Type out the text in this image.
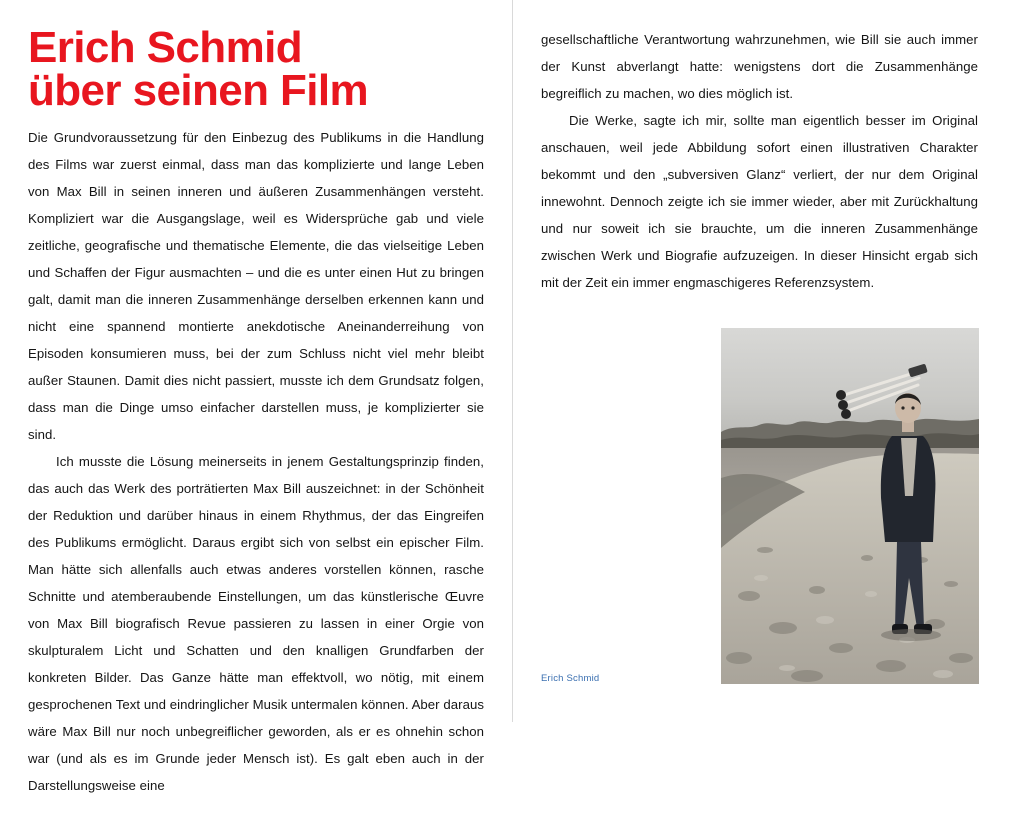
Erich Schmid
über seinen Film

Die Grundvoraussetzung für den Einbezug des Publikums in die Handlung des Films war zuerst einmal, dass man das komplizierte und lange Leben von Max Bill in seinen inneren und äußeren Zusammenhängen versteht. Kompliziert war die Ausgangslage, weil es Widersprüche gab und viele zeitliche, geografische und thematische Elemente, die das vielseitige Leben und Schaffen der Figur ausmachten – und die es unter einen Hut zu bringen galt, damit man die inneren Zusammenhänge derselben erkennen kann und nicht eine spannend montierte anekdotische Aneinanderreihung von Episoden konsumieren muss, bei der zum Schluss nicht viel mehr bleibt außer Staunen. Damit dies nicht passiert, musste ich dem Grundsatz folgen, dass man die Dinge umso einfacher darstellen muss, je komplizierter sie sind.

Ich musste die Lösung meinerseits in jenem Gestaltungsprinzip finden, das auch das Werk des porträtierten Max Bill auszeichnet: in der Schönheit der Reduktion und darüber hinaus in einem Rhythmus, der das Eingreifen des Publikums ermöglicht. Daraus ergibt sich von selbst ein epischer Film. Man hätte sich allenfalls auch etwas anderes vorstellen können, rasche Schnitte und atemberaubende Einstellungen, um das künstlerische Œuvre von Max Bill biografisch Revue passieren zu lassen in einer Orgie von skulpturalem Licht und Schatten und den knalligen Grundfarben der konkreten Bilder. Das Ganze hätte man effektvoll, wo nötig, mit einem gesprochenen Text und eindringlicher Musik untermalen können. Aber daraus wäre Max Bill nur noch unbegreiflicher geworden, als er es ohnehin schon war (und als es im Grunde jeder Mensch ist). Es galt eben auch in der Darstellungsweise eine

gesellschaftliche Verantwortung wahrzunehmen, wie Bill sie auch immer der Kunst abverlangt hatte: wenigstens dort die Zusammenhänge begreiflich zu machen, wo dies möglich ist.

Die Werke, sagte ich mir, sollte man eigentlich besser im Original anschauen, weil jede Abbildung sofort einen illustrativen Charakter bekommt und den „subversiven Glanz“ verliert, der nur dem Original innewohnt. Dennoch zeigte ich sie immer wieder, aber mit Zurückhaltung und nur soweit ich sie brauchte, um die inneren Zusammenhänge zwischen Werk und Biografie aufzuzeigen. In dieser Hinsicht ergab sich mit der Zeit ein immer engmaschigeres Referenzsystem.

Erich Schmid
